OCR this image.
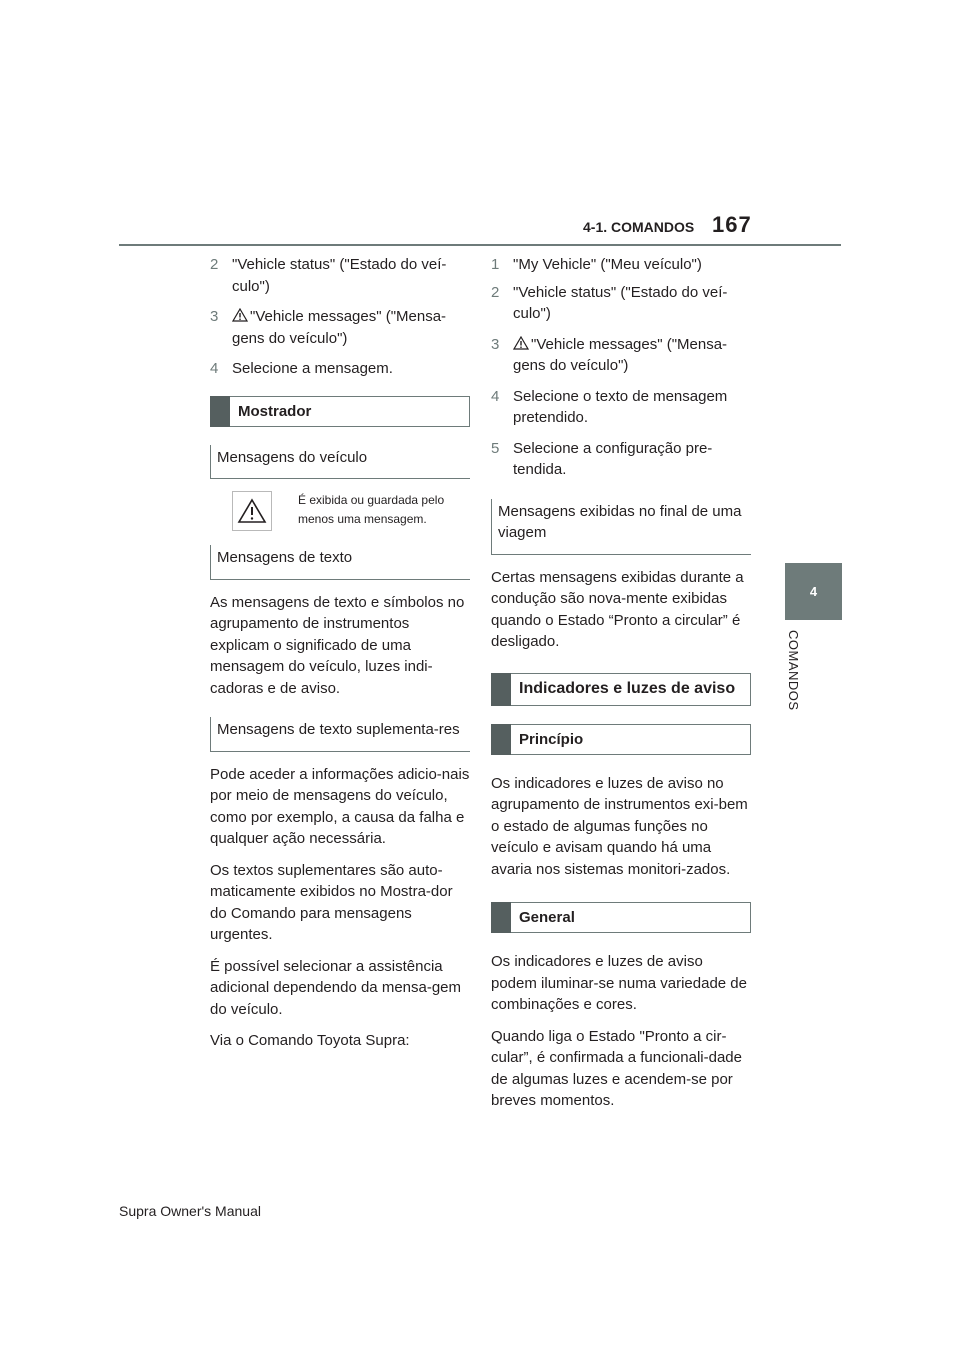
167
4-1. COMANDOS
4
COMANDOS
2 "Vehicle status" ("Estado do veí-culo")
3	"Vehicle messages" ("Mensa-gens do veículo")
4 Selecione a mensagem.
Mostrador
Mensagens do veículo
É exibida ou guardada pelo menos uma mensagem.
Mensagens de texto

As mensagens de texto e símbolos no agrupamento de instrumentos explicam o significado de uma mensagem do veículo, luzes indi-cadoras e de aviso.

Mensagens de texto suplementa-res

Pode aceder a informações adicio-nais por meio de mensagens do veículo, como por exemplo, a causa da falha e qualquer ação necessária.

Os textos suplementares são auto-maticamente exibidos no Mostra-dor do Comando para mensagens urgentes.

É possível selecionar a assistência adicional dependendo da mensa-gem do veículo.

Via o Comando Toyota Supra:

1 "My Vehicle" ("Meu veículo")
2 "Vehicle status" ("Estado do veí-culo")
3	"Vehicle messages" ("Mensa-gens do veículo")
4 Selecione o texto de mensagem pretendido.
5 Selecione a configuração pre-tendida.
Mensagens exibidas no final de uma viagem

Certas mensagens exibidas durante a condução são nova-mente exibidas quando o Estado “Pronto a circular” é desligado.

Indicadores e luzes de aviso
Princípio

Os indicadores e luzes de aviso no agrupamento de instrumentos exi-bem o estado de algumas funções no veículo e avisam quando há uma avaria nos sistemas monitori-zados.

General

Os indicadores e luzes de aviso podem iluminar-se numa variedade de combinações e cores.

Quando liga o Estado "Pronto a cir-cular”, é confirmada a funcionali-dade de algumas luzes e acendem-se por breves momentos.

Supra Owner's Manual
